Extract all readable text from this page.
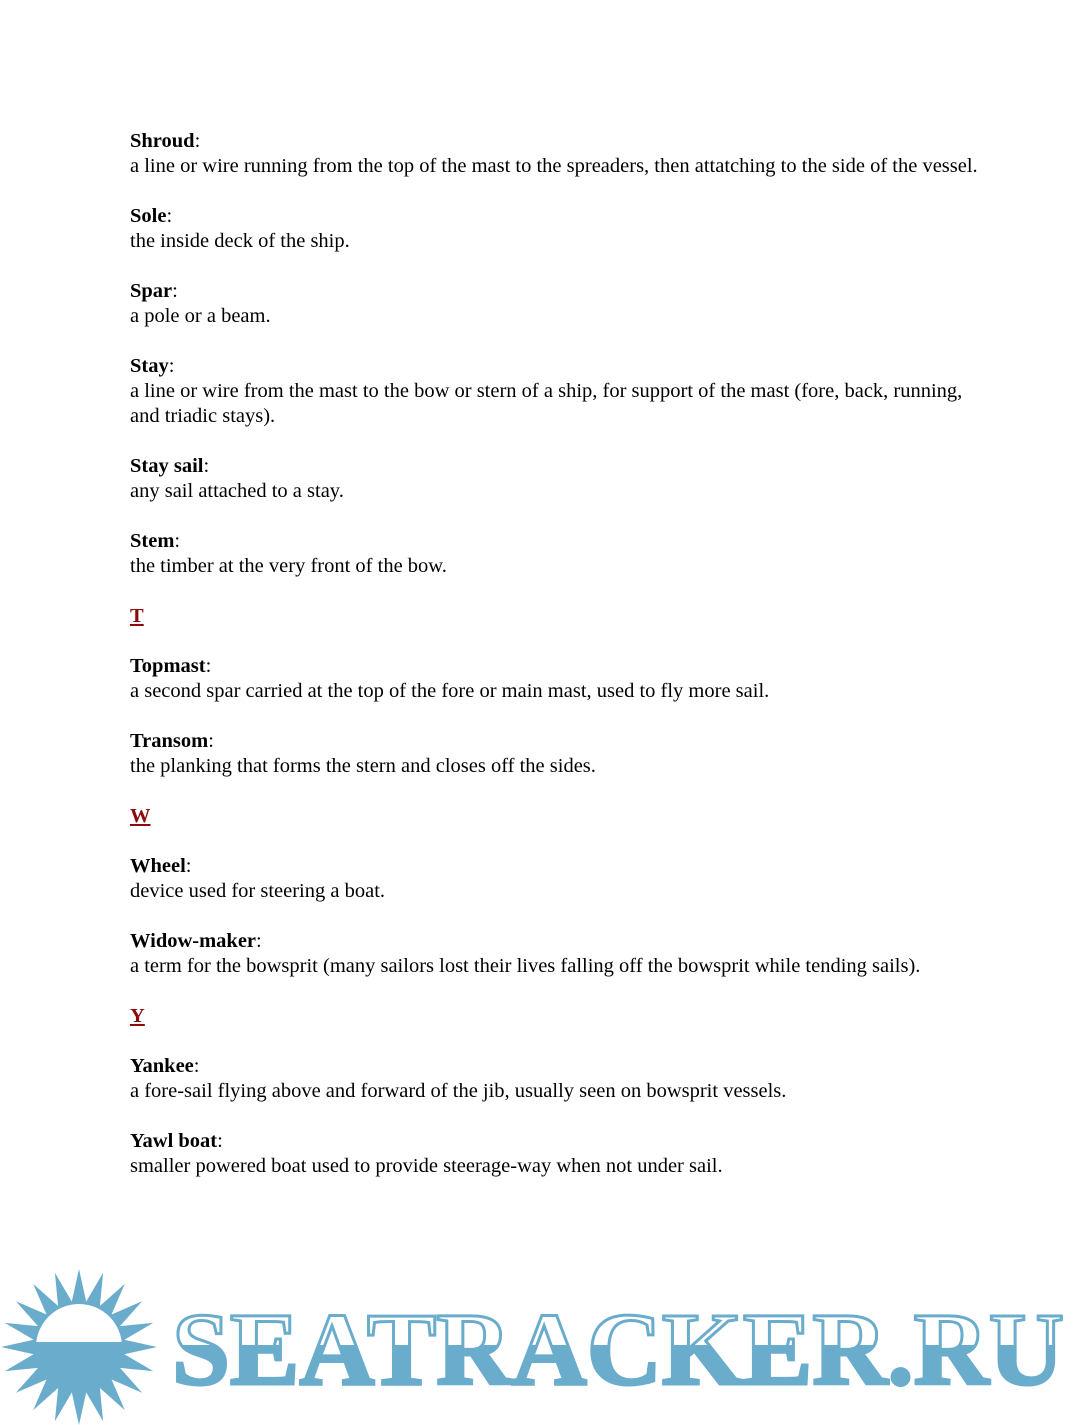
Shroud:
a line or wire running from the top of the mast to the spreaders, then attatching to the side of the vessel.
Sole:
the inside deck of the ship.
Spar:
a pole or a beam.
Stay:
a line or wire from the mast to the bow or stern of a ship, for support of the mast (fore, back, running, and triadic stays).
Stay sail:
any sail attached to a stay.
Stem:
the timber at the very front of the bow.
T
Topmast:
a second spar carried at the top of the fore or main mast, used to fly more sail.
Transom:
the planking that forms the stern and closes off the sides.
W
Wheel:
device used for steering a boat.
Widow-maker:
a term for the bowsprit (many sailors lost their lives falling off the bowsprit while tending sails).
Y
Yankee:
a fore-sail flying above and forward of the jib, usually seen on bowsprit vessels.
Yawl boat:
smaller powered boat used to provide steerage-way when not under sail.
SEATRACKER.RU
